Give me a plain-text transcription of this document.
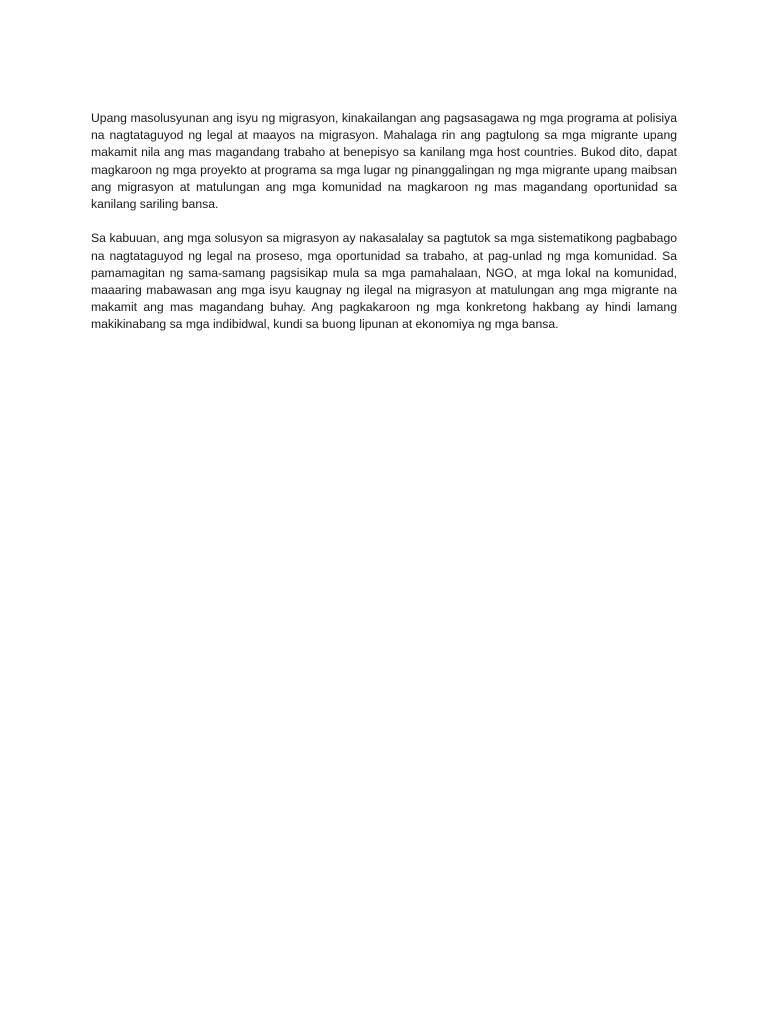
Upang masolusyunan ang isyu ng migrasyon, kinakailangan ang pagsasagawa ng mga programa at polisiya na nagtataguyod ng legal at maayos na migrasyon. Mahalaga rin ang pagtulong sa mga migrante upang makamit nila ang mas magandang trabaho at benepisyo sa kanilang mga host countries. Bukod dito, dapat magkaroon ng mga proyekto at programa sa mga lugar ng pinanggalingan ng mga migrante upang maibsan ang migrasyon at matulungan ang mga komunidad na magkaroon ng mas magandang oportunidad sa kanilang sariling bansa.

Sa kabuuan, ang mga solusyon sa migrasyon ay nakasalalay sa pagtutok sa mga sistematikong pagbabago na nagtataguyod ng legal na proseso, mga oportunidad sa trabaho, at pag-unlad ng mga komunidad. Sa pamamagitan ng sama-samang pagsisikap mula sa mga pamahalaan, NGO, at mga lokal na komunidad, maaaring mabawasan ang mga isyu kaugnay ng ilegal na migrasyon at matulungan ang mga migrante na makamit ang mas magandang buhay. Ang pagkakaroon ng mga konkretong hakbang ay hindi lamang makikinabang sa mga indibidwal, kundi sa buong lipunan at ekonomiya ng mga bansa.
